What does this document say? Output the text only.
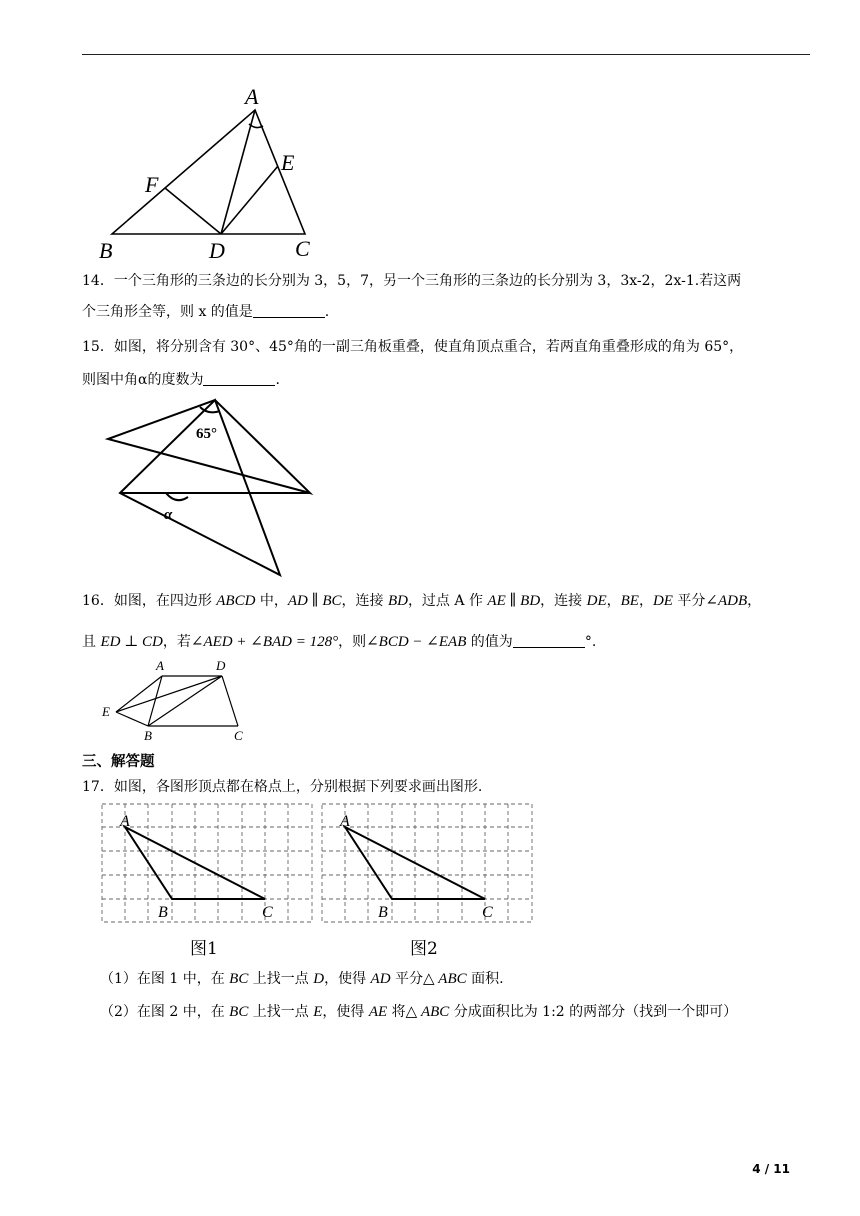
A
E
F
B	D	C
14．一个三角形的三条边的长分别为 3，5，7，另一个三角形的三条边的长分别为 3，3x-2，2x-1.若这两
个三角形全等，则 x 的值是	.
15．如图，将分别含有 30°、45°角的一副三角板重叠，使直角顶点重合，若两直角重叠形成的角为 65°，
则图中角α的度数为	.
65°
α
16．如图，在四边形 ABCD 中，AD ∥ BC，连接 BD，过点 A 作 AE ∥ BD，连接 DE，BE，DE 平分∠ADB，
且 ED ⊥ CD，若∠AED + ∠BAD = 128°，则∠BCD − ∠EAB 的值为	°.
A	D
E
B	C
三、解答题
17．如图，各图形顶点都在格点上，分别根据下列要求画出图形.
A
B	C
A
B	C
图1	图2
（1）在图 1 中，在 BC 上找一点 D，使得 AD 平分△ ABC 面积.
（2）在图 2 中，在 BC 上找一点 E，使得 AE 将△ ABC 分成面积比为 1:2 的两部分（找到一个即可）
4 / 11
